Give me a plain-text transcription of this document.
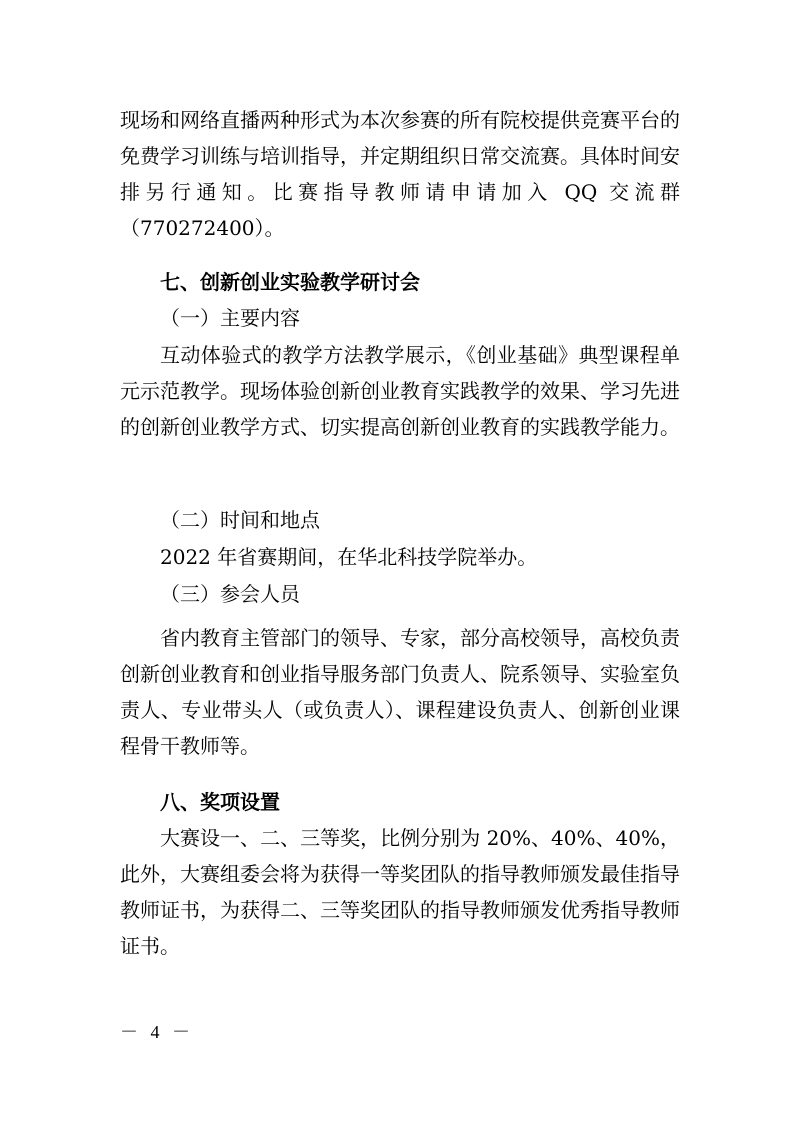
现场和网络直播两种形式为本次参赛的所有院校提供竞赛平台的免费学习训练与培训指导，并定期组织日常交流赛。具体时间安排另行通知。比赛指导教师请申请加入 QQ 交流群（770272400）。

七、创新创业实验教学研讨会

（一）主要内容

互动体验式的教学方法教学展示，《创业基础》典型课程单元示范教学。现场体验创新创业教育实践教学的效果、学习先进的创新创业教学方式、切实提高创新创业教育的实践教学能力。

（二）时间和地点

2022 年省赛期间，在华北科技学院举办。

（三）参会人员

省内教育主管部门的领导、专家，部分高校领导，高校负责创新创业教育和创业指导服务部门负责人、院系领导、实验室负责人、专业带头人（或负责人）、课程建设负责人、创新创业课程骨干教师等。

八、奖项设置

大赛设一、二、三等奖，比例分别为 20%、40%、40%，此外，大赛组委会将为获得一等奖团队的指导教师颁发最佳指导教师证书，为获得二、三等奖团队的指导教师颁发优秀指导教师证书。

－ 4 －
